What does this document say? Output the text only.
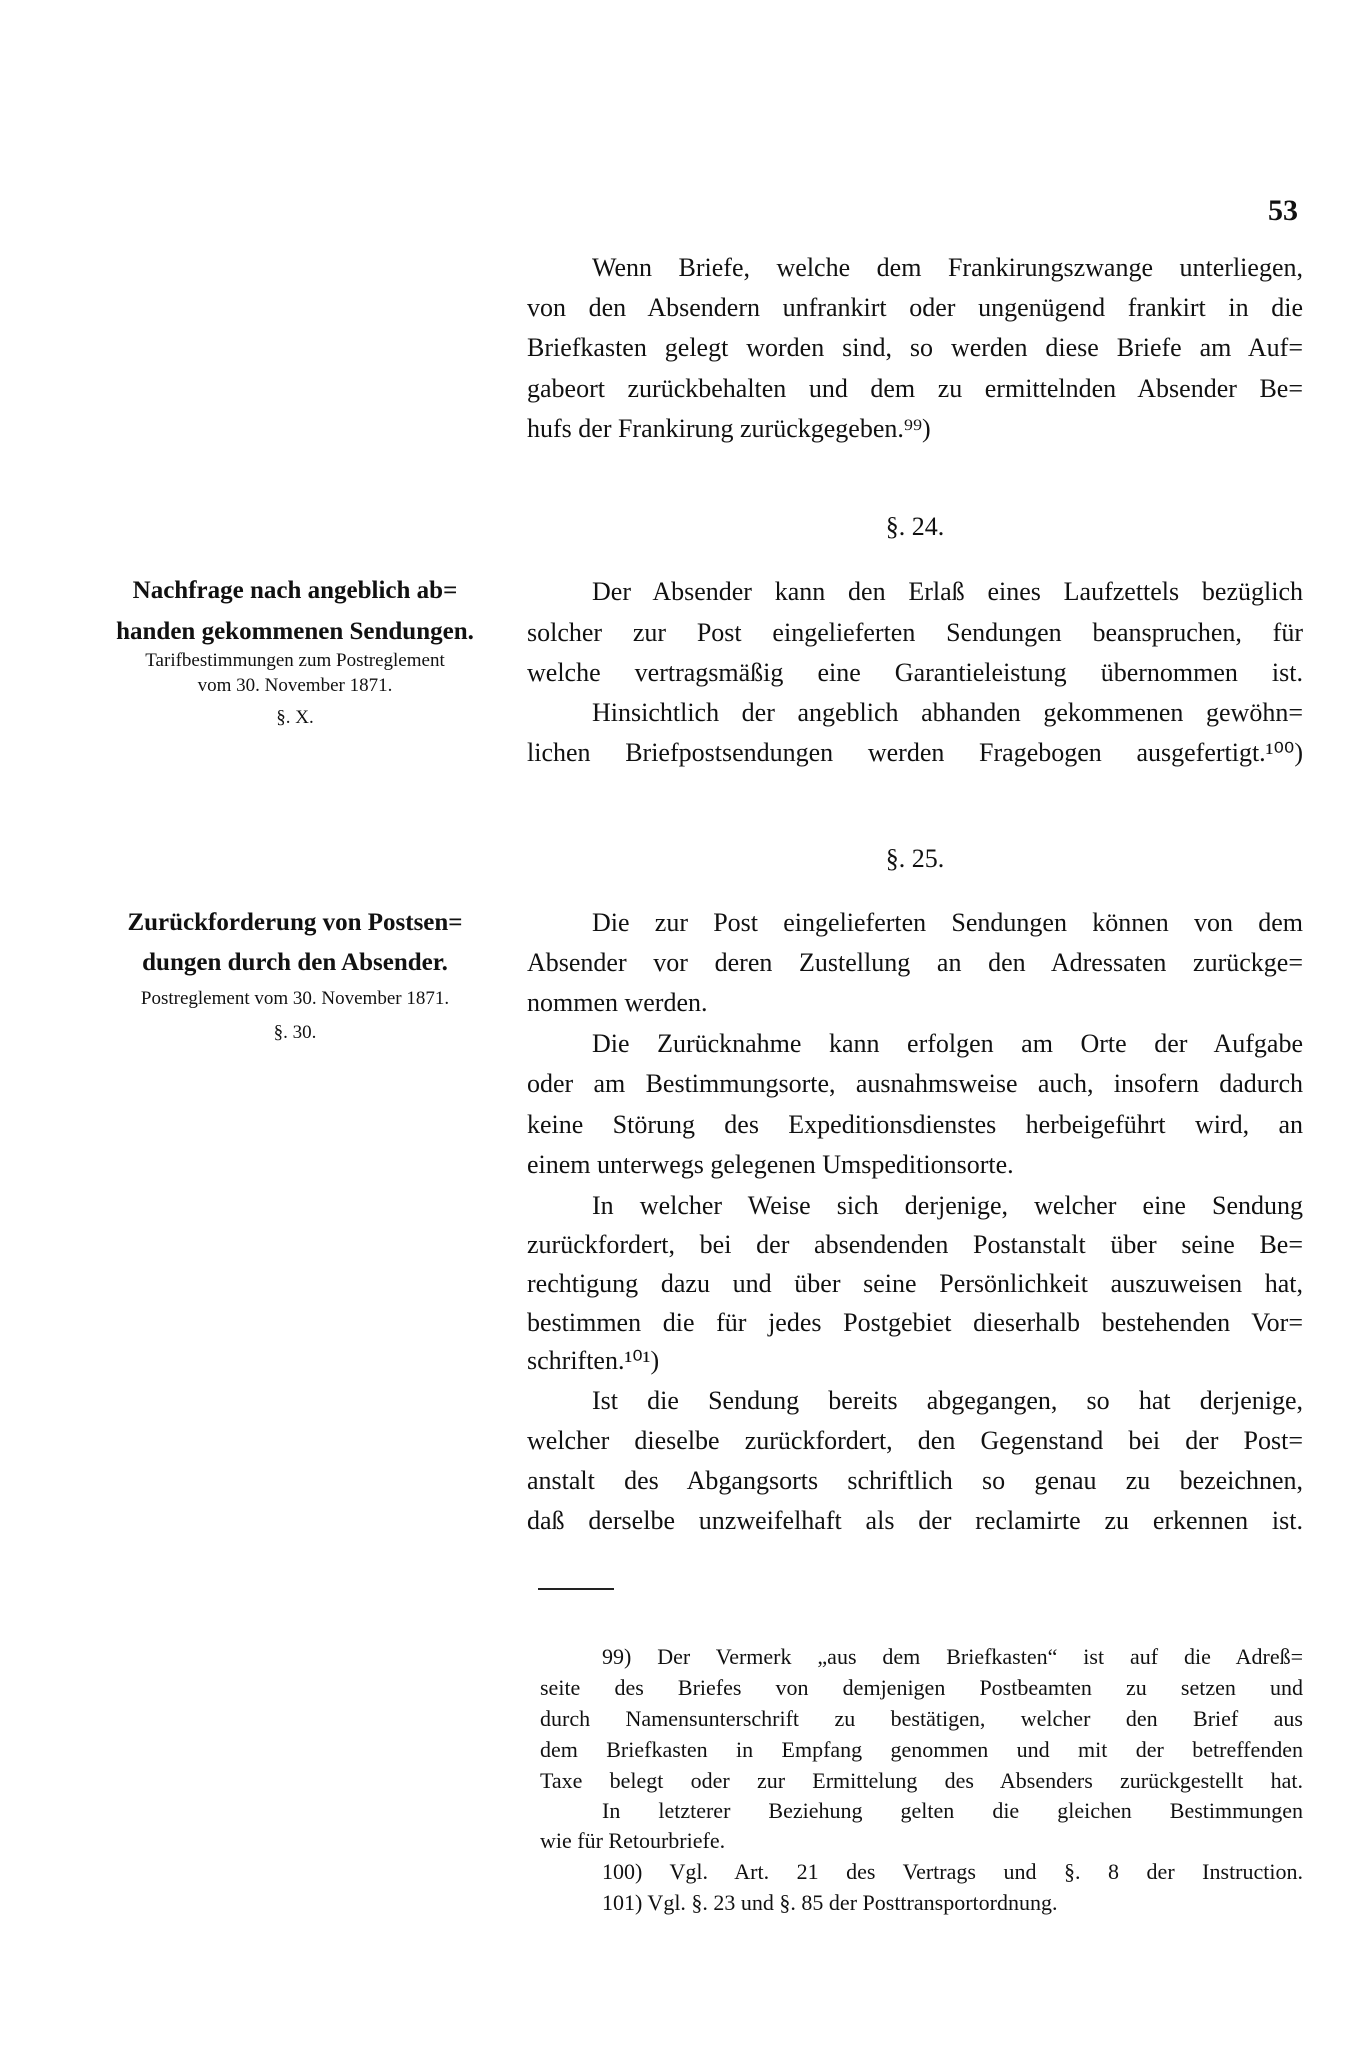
53
Wenn Briefe, welche dem Frankirungszwange unterliegen,
von den Absendern unfrankirt oder ungenügend frankirt in die
Briefkasten gelegt worden sind, so werden diese Briefe am Auf=
gabeort zurückbehalten und dem zu ermittelnden Absender Be=
hufs der Frankirung zurückgegeben.⁹⁹)
§. 24.
Nachfrage nach angeblich ab=
handen gekommenen Sendungen.
Tarifbestimmungen zum Postreglement
vom 30. November 1871.
§. X.
Der Absender kann den Erlaß eines Laufzettels bezüglich
solcher zur Post eingelieferten Sendungen beanspruchen, für
welche vertragsmäßig eine Garantieleistung übernommen ist.
Hinsichtlich der angeblich abhanden gekommenen gewöhn=
lichen Briefpostsendungen werden Fragebogen ausgefertigt.¹⁰⁰)
§. 25.
Zurückforderung von Postsen=
dungen durch den Absender.
Postreglement vom 30. November 1871.
§. 30.
Die zur Post eingelieferten Sendungen können von dem
Absender vor deren Zustellung an den Adressaten zurückge=
nommen werden.
Die Zurücknahme kann erfolgen am Orte der Aufgabe
oder am Bestimmungsorte, ausnahmsweise auch, insofern dadurch
keine Störung des Expeditionsdienstes herbeigeführt wird, an
einem unterwegs gelegenen Umspeditionsorte.
In welcher Weise sich derjenige, welcher eine Sendung
zurückfordert, bei der absendenden Postanstalt über seine Be=
rechtigung dazu und über seine Persönlichkeit auszuweisen hat,
bestimmen die für jedes Postgebiet dieserhalb bestehenden Vor=
schriften.¹⁰¹)
Ist die Sendung bereits abgegangen, so hat derjenige,
welcher dieselbe zurückfordert, den Gegenstand bei der Post=
anstalt des Abgangsorts schriftlich so genau zu bezeichnen,
daß derselbe unzweifelhaft als der reclamirte zu erkennen ist.
99) Der Vermerk „aus dem Briefkasten“ ist auf die Adreß=
seite des Briefes von demjenigen Postbeamten zu setzen und
durch Namensunterschrift zu bestätigen, welcher den Brief aus
dem Briefkasten in Empfang genommen und mit der betreffenden
Taxe belegt oder zur Ermittelung des Absenders zurückgestellt hat.
In letzterer Beziehung gelten die gleichen Bestimmungen
wie für Retourbriefe.
100) Vgl. Art. 21 des Vertrags und §. 8 der Instruction.
101) Vgl. §. 23 und §. 85 der Posttransportordnung.
